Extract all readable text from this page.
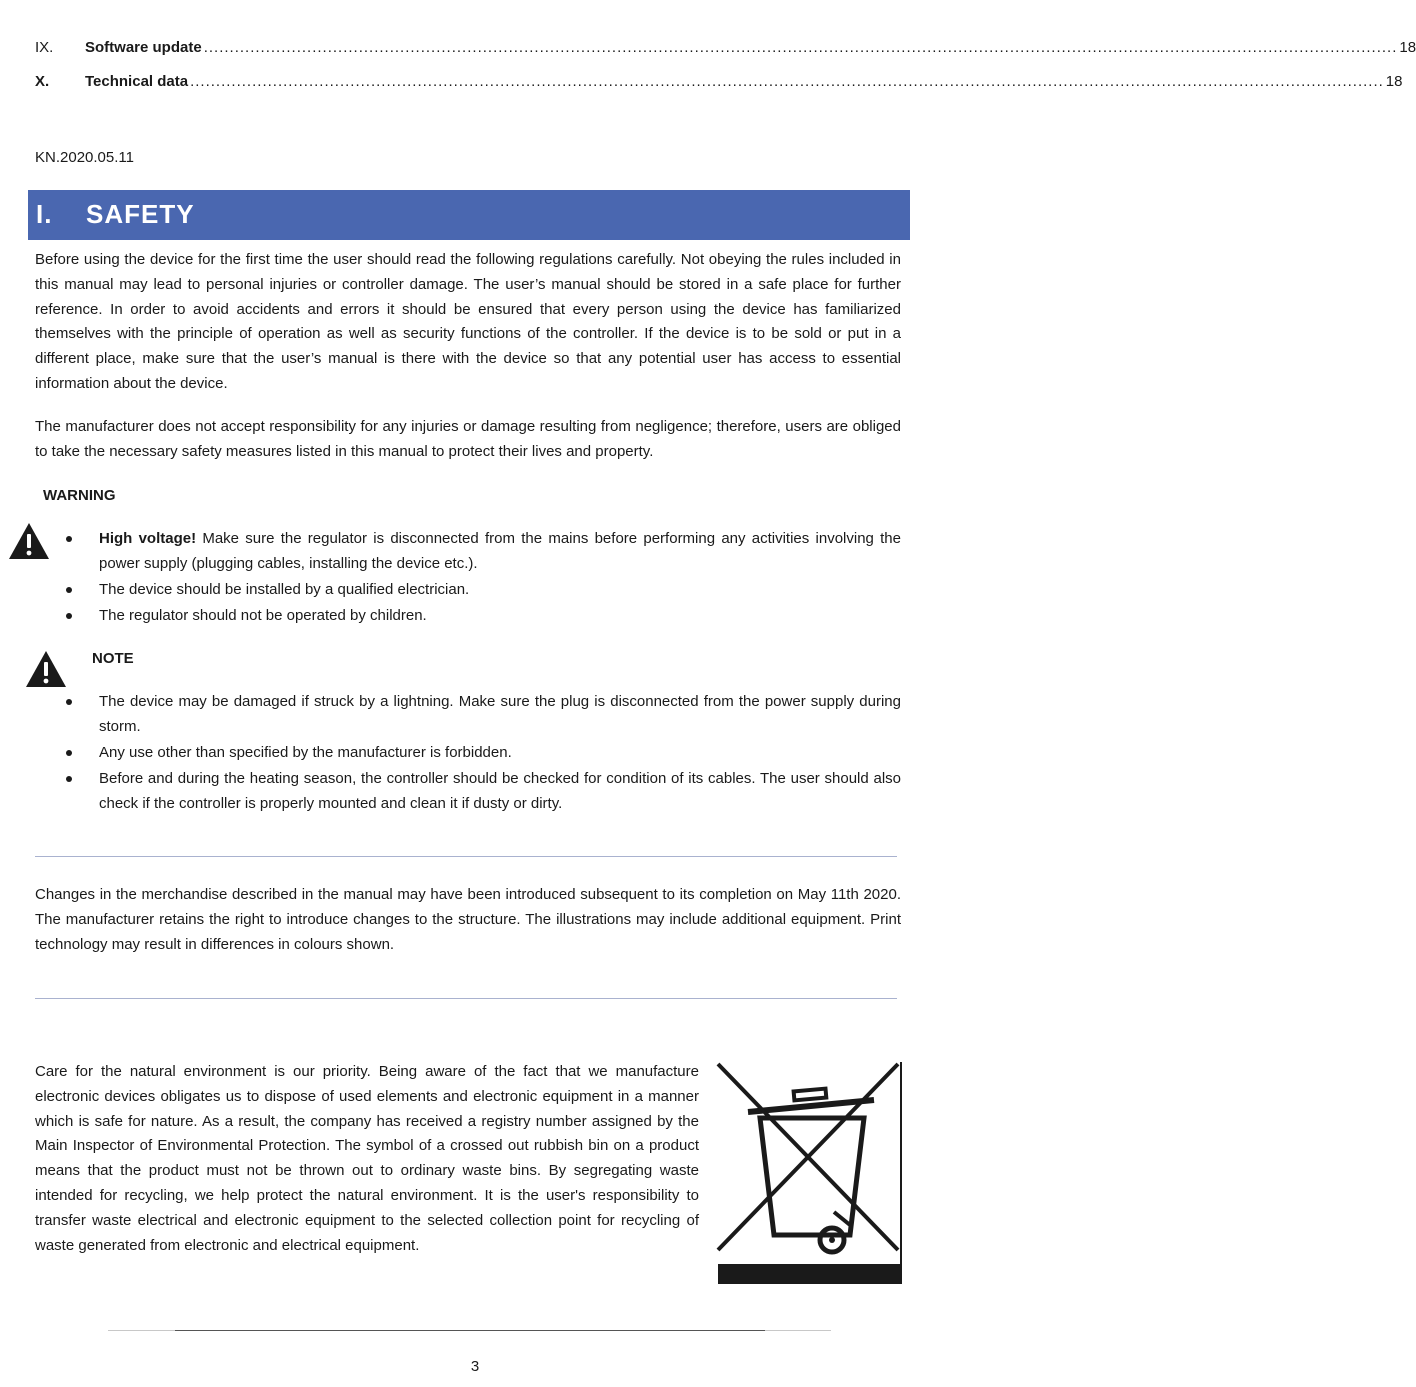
IX.	Software update ....................................................................................................................................................................................................................................... 18
X.	Technical data ....................................................................................................................................................................................................................................... 18
KN.2020.05.11
I. SAFETY

Before using the device for the first time the user should read the following regulations carefully. Not obeying the rules included in this manual may lead to personal injuries or controller damage. The user’s manual should be stored in a safe place for further reference. In order to avoid accidents and errors it should be ensured that every person using the device has familiarized themselves with the principle of operation as well as security functions of the controller. If the device is to be sold or put in a different place, make sure that the user’s manual is there with the device so that any potential user has access to essential information about the device.

The manufacturer does not accept responsibility for any injuries or damage resulting from negligence; therefore, users are obliged to take the necessary safety measures listed in this manual to protect their lives and property.

WARNING
High voltage! Make sure the regulator is disconnected from the mains before performing any activities involving the power supply (plugging cables, installing the device etc.).
The device should be installed by a qualified electrician.
The regulator should not be operated by children.
NOTE
The device may be damaged if struck by a lightning. Make sure the plug is disconnected from the power supply during storm.
Any use other than specified by the manufacturer is forbidden.
Before and during the heating season, the controller should be checked for condition of its cables. The user should also check if the controller is properly mounted and clean it if dusty or dirty.

Changes in the merchandise described in the manual may have been introduced subsequent to its completion on May 11th 2020. The manufacturer retains the right to introduce changes to the structure. The illustrations may include additional equipment. Print technology may result in differences in colours shown.

Care for the natural environment is our priority. Being aware of the fact that we manufacture electronic devices obligates us to dispose of used elements and electronic equipment in a manner which is safe for nature. As a result, the company has received a registry number assigned by the Main Inspector of Environmental Protection. The symbol of a crossed out rubbish bin on a product means that the product must not be thrown out to ordinary waste bins. By segregating waste intended for recycling, we help protect the natural environment. It is the user's responsibility to transfer waste electrical and electronic equipment to the selected collection point for recycling of waste generated from electronic and electrical equipment.

3
